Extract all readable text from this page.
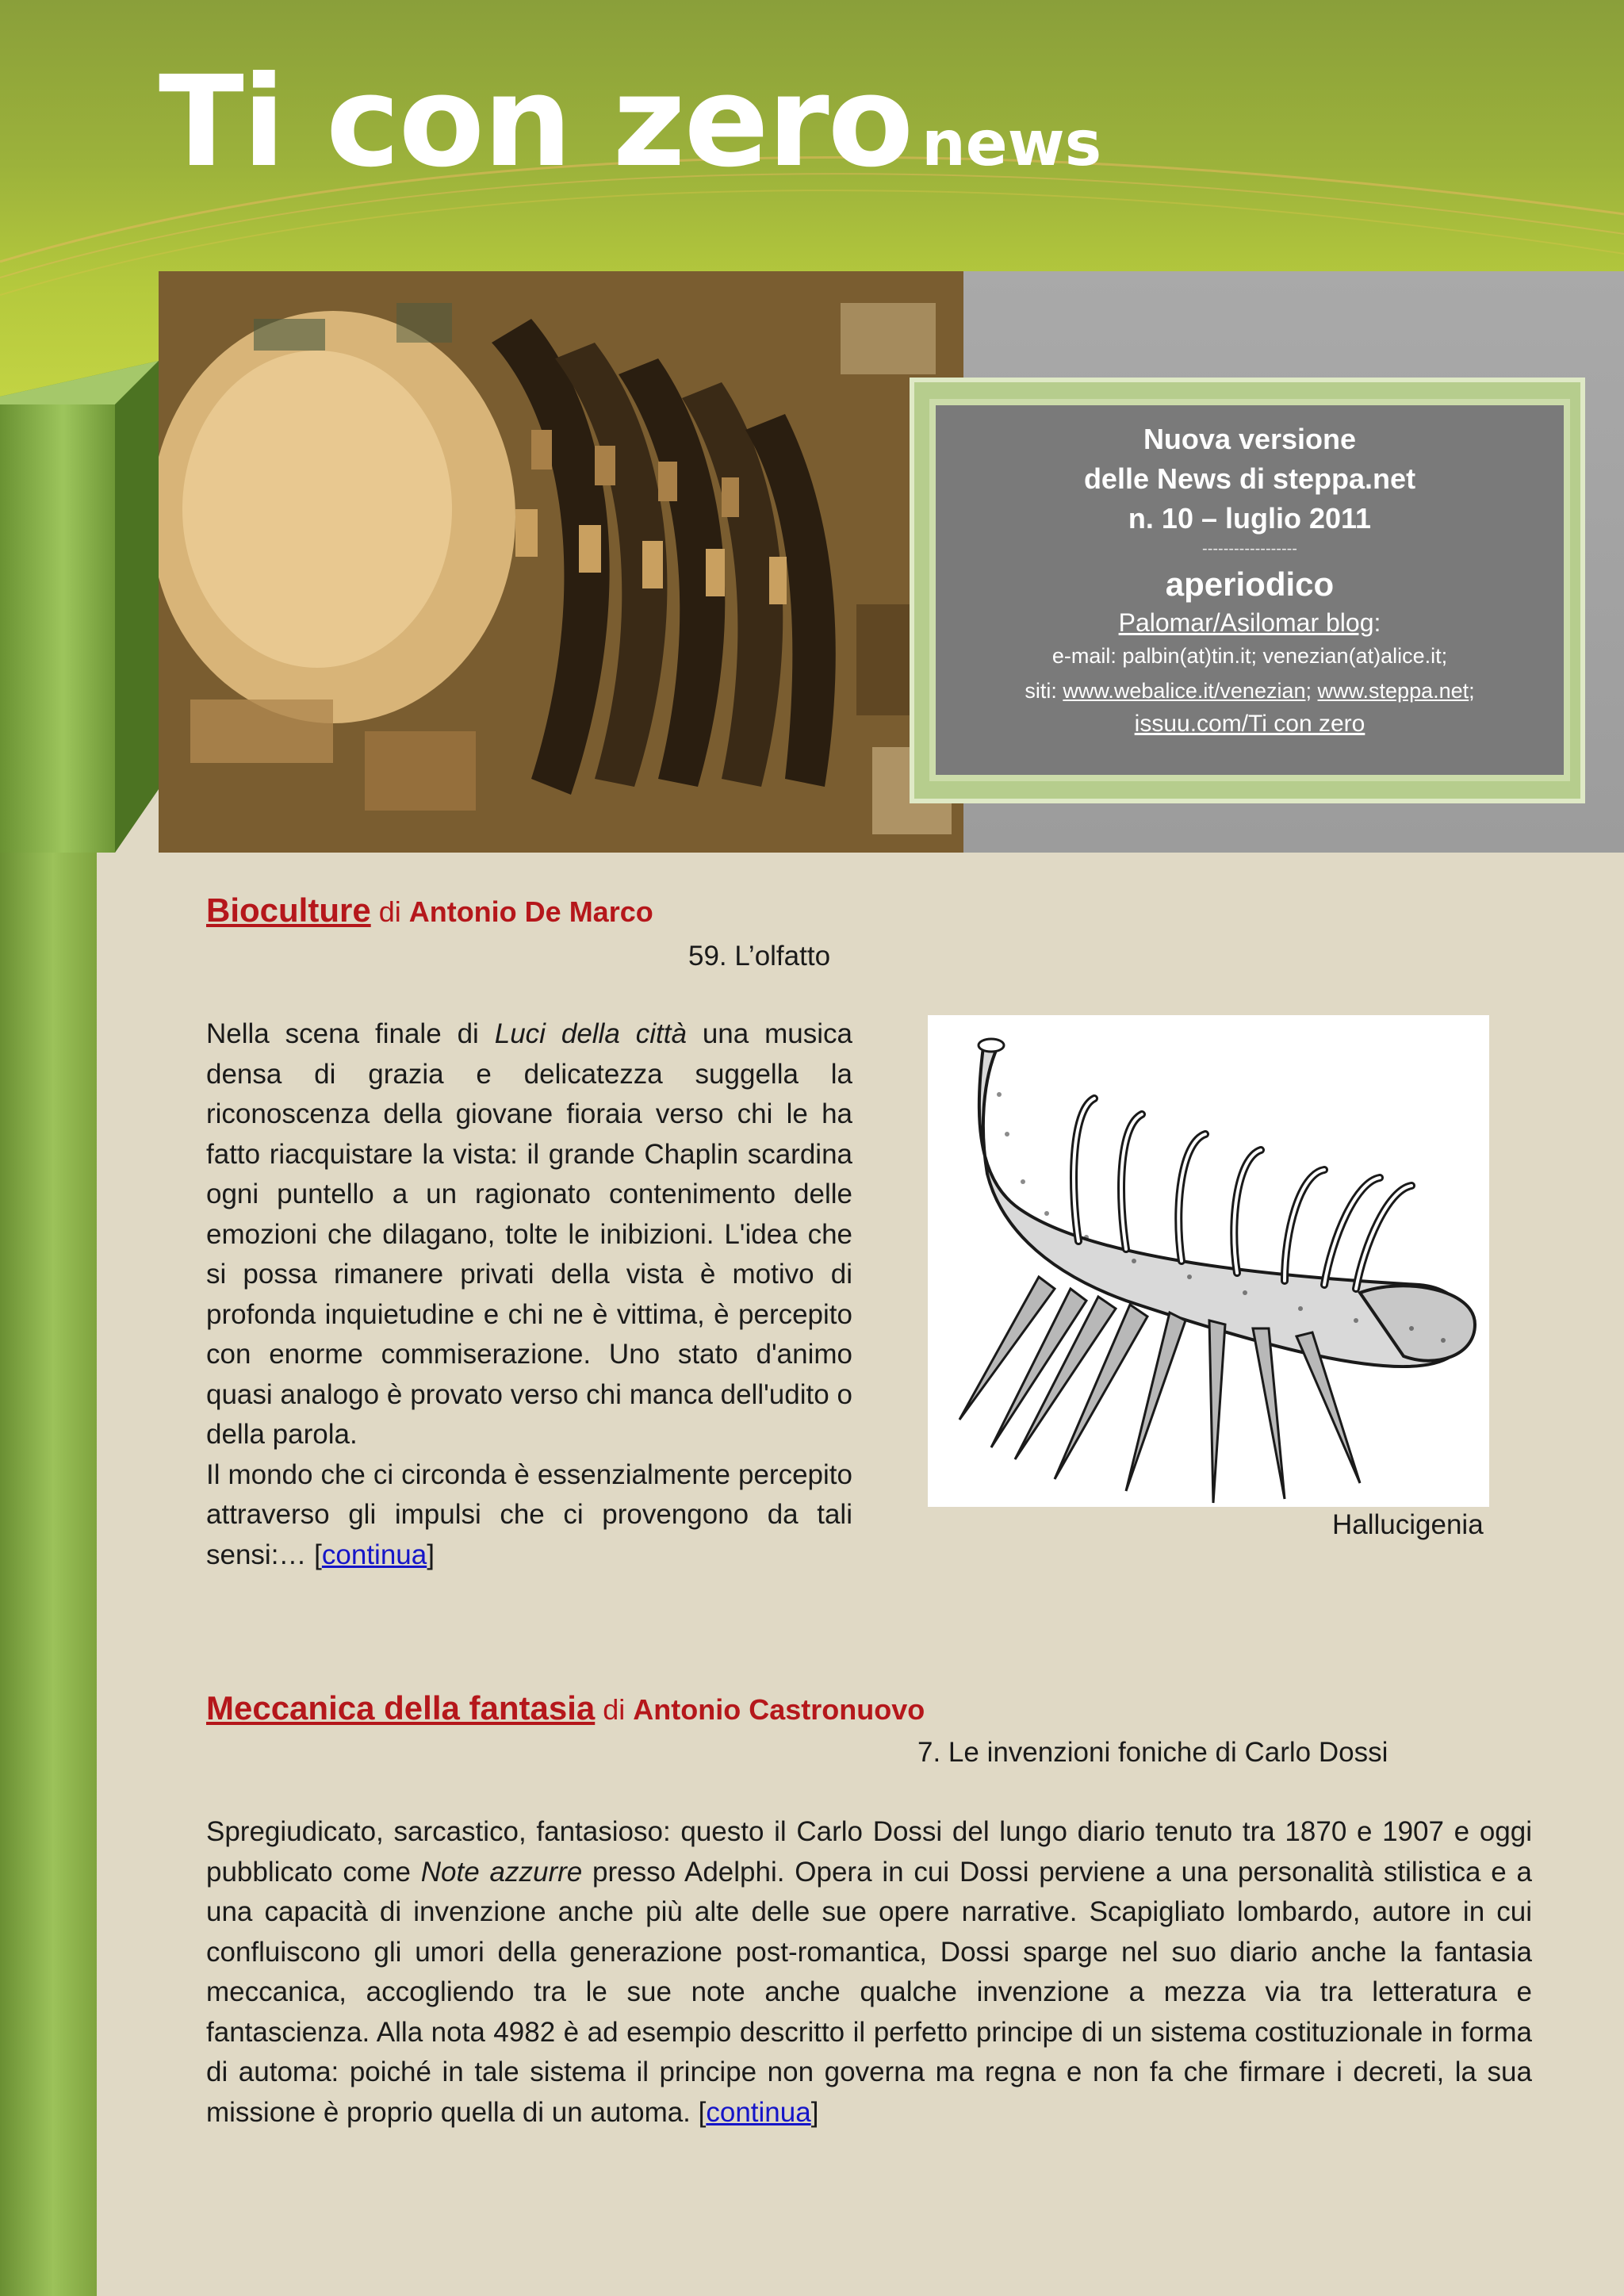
Ti con zero news
Nuova versione
delle News di steppa.net
n. 10 – luglio 2011
------------------
aperiodico
Palomar/Asilomar blog:
e-mail: palbin(at)tin.it; venezian(at)alice.it;
siti: www.webalice.it/venezian; www.steppa.net;
issuu.com/Ti con zero
Bioculture di Antonio De Marco
59. L’olfatto
Nella scena finale di Luci della città una musica densa di grazia e delicatezza suggella la riconoscenza della giovane fioraia verso chi le ha fatto riacquistare la vista: il grande Chaplin scardina ogni puntello a un ragionato contenimento delle emozioni che dilagano, tolte le inibizioni. L'idea che si possa rimanere privati della vista è motivo di profonda inquietudine e chi ne è vittima, è percepito con enorme commiserazione. Uno stato d'animo quasi analogo è provato verso chi manca dell'udito o della parola.
Il mondo che ci circonda è essenzialmente percepito attraverso gli impulsi che ci provengono da tali sensi:… [continua]
Hallucigenia
Meccanica della fantasia di Antonio Castronuovo
7. Le invenzioni foniche di Carlo Dossi
Spregiudicato, sarcastico, fantasioso: questo il Carlo Dossi del lungo diario tenuto tra 1870 e 1907 e oggi pubblicato come Note azzurre presso Adelphi. Opera in cui Dossi perviene a una personalità stilistica e a una capacità di invenzione anche più alte delle sue opere narrative. Scapigliato lombardo, autore in cui confluiscono gli umori della generazione post-romantica, Dossi sparge nel suo diario anche la fantasia meccanica, accogliendo tra le sue note anche qualche invenzione a mezza via tra letteratura e fantascienza. Alla nota 4982 è ad esempio descritto il perfetto principe di un sistema costituzionale in forma di automa: poiché in tale sistema il principe non governa ma regna e non fa che firmare i decreti, la sua missione è proprio quella di un automa. [continua]
